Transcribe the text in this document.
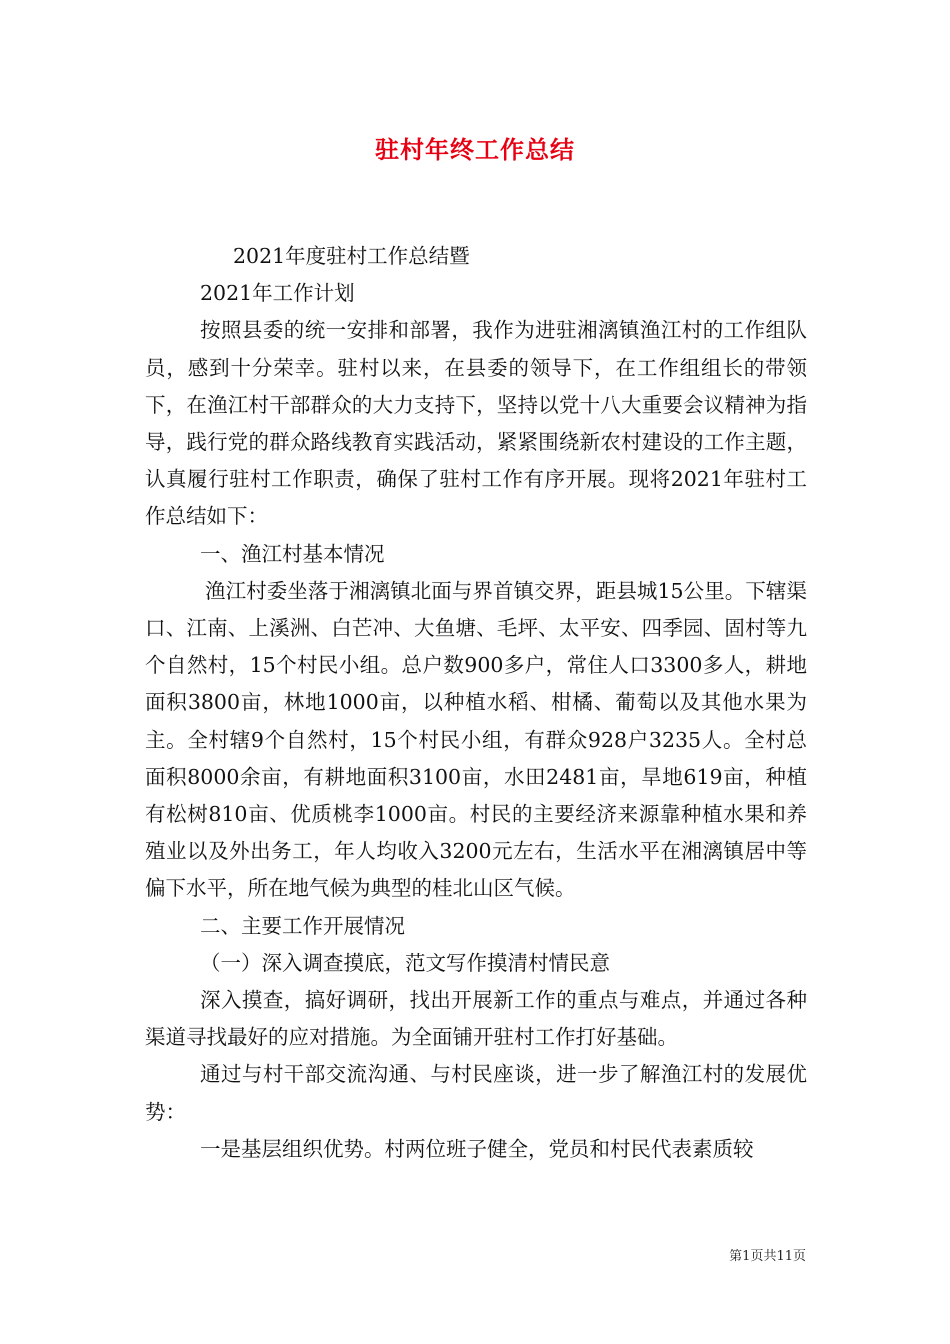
驻村年终工作总结

2021年度驻村工作总结暨

2021年工作计划

按照县委的统一安排和部署，我作为进驻湘漓镇渔江村的工作组队员，感到十分荣幸。驻村以来，在县委的领导下，在工作组组长的带领下，在渔江村干部群众的大力支持下，坚持以党十八大重要会议精神为指导，践行党的群众路线教育实践活动，紧紧围绕新农村建设的工作主题，认真履行驻村工作职责，确保了驻村工作有序开展。现将2021年驻村工作总结如下：

一、渔江村基本情况

渔江村委坐落于湘漓镇北面与界首镇交界，距县城15公里。下辖渠口、江南、上溪洲、白芒冲、大鱼塘、毛坪、太平安、四季园、固村等九个自然村，15个村民小组。总户数900多户，常住人口3300多人，耕地面积3800亩，林地1000亩，以种植水稻、柑橘、葡萄以及其他水果为主。全村辖9个自然村，15个村民小组，有群众928户3235人。全村总面积8000余亩，有耕地面积3100亩，水田2481亩，旱地619亩，种植有松树810亩、优质桃李1000亩。村民的主要经济来源靠种植水果和养殖业以及外出务工，年人均收入3200元左右，生活水平在湘漓镇居中等偏下水平，所在地气候为典型的桂北山区气候。

二、主要工作开展情况

（一）深入调查摸底，范文写作摸清村情民意

深入摸查，搞好调研，找出开展新工作的重点与难点，并通过各种渠道寻找最好的应对措施。为全面铺开驻村工作打好基础。

通过与村干部交流沟通、与村民座谈，进一步了解渔江村的发展优势：

一是基层组织优势。村两位班子健全，党员和村民代表素质较

第1页共11页
